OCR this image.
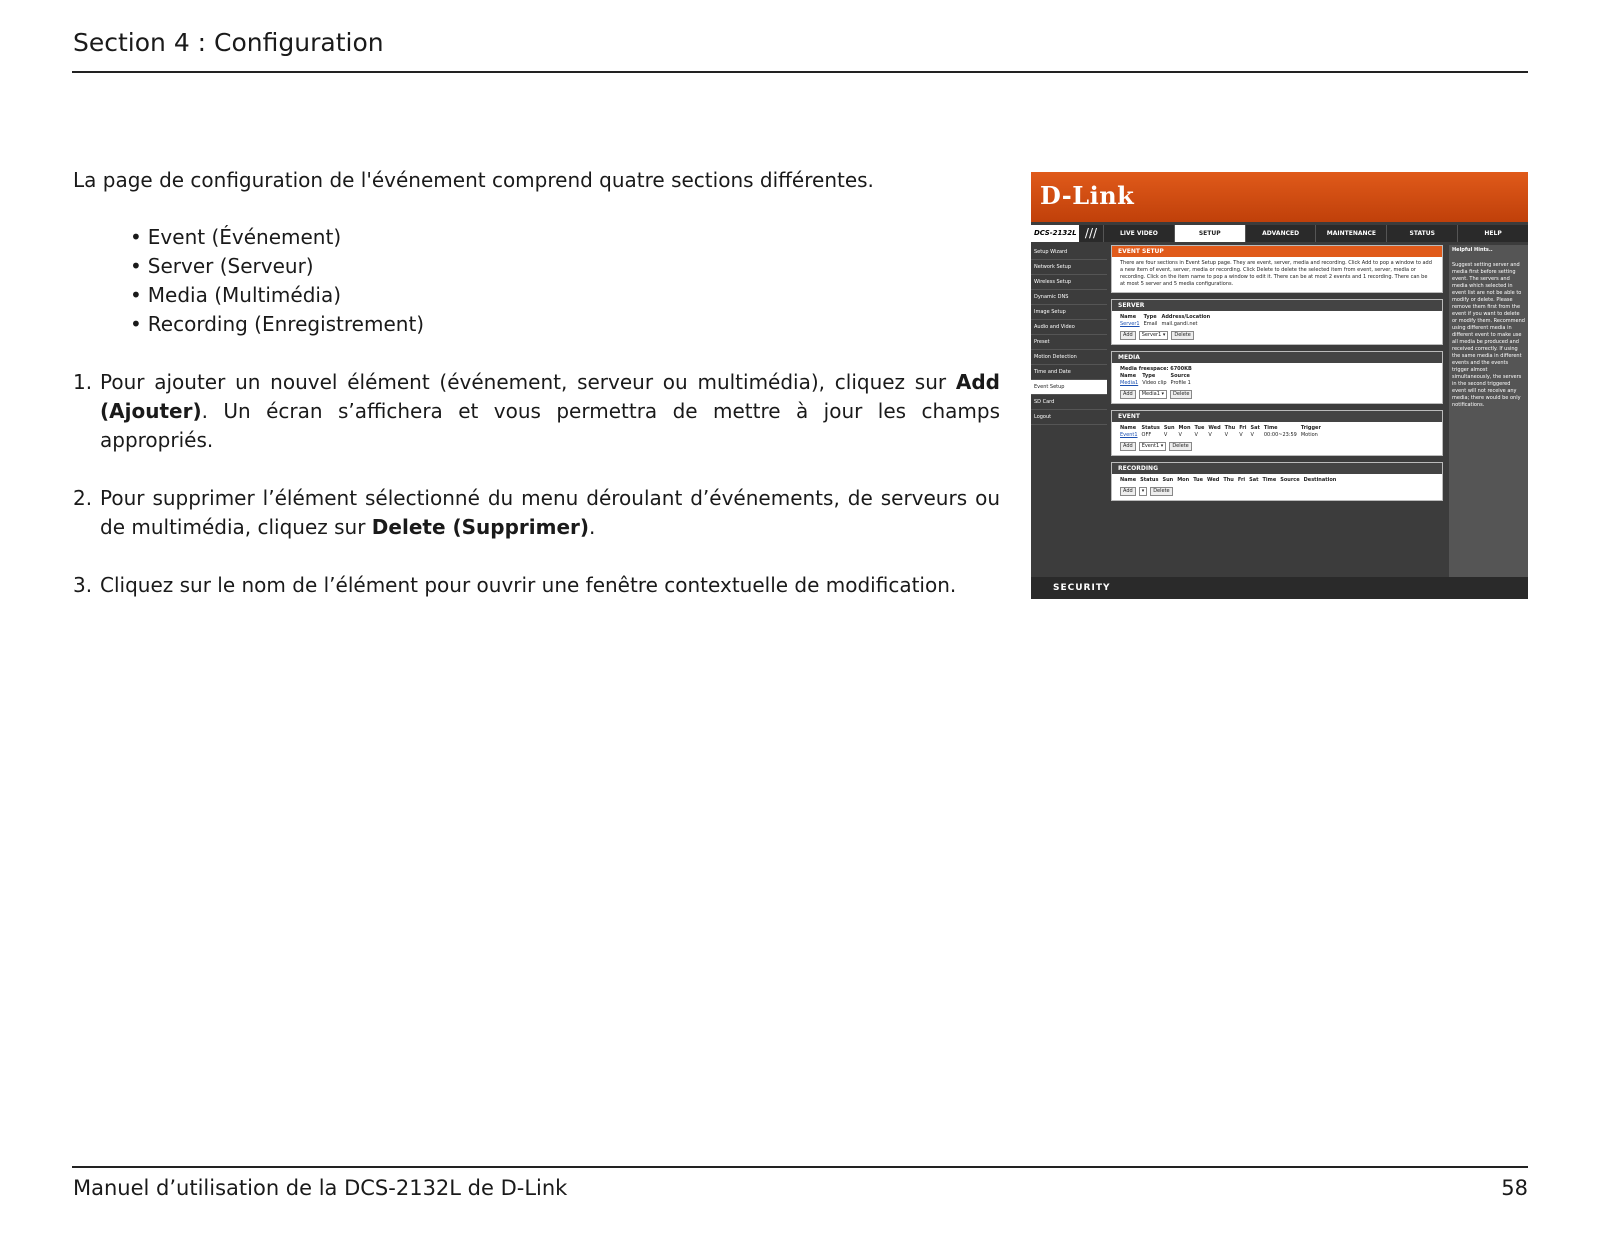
Section 4 : Configuration

La page de configuration de l'événement comprend quatre sections différentes.

• Event (Événement)
• Server (Serveur)
• Media (Multimédia)
• Recording (Enregistrement)
1. Pour ajouter un nouvel élément (événement, serveur ou multimédia), cliquez sur Add (Ajouter). Un écran s’affichera et vous permettra de mettre à jour les champs appropriés.
2. Pour supprimer l’élément sélectionné du menu déroulant d’événements, de serveurs ou de multimédia, cliquez sur Delete (Supprimer).
3. Cliquez sur le nom de l’élément pour ouvrir une fenêtre contextuelle de modification.
D-Link
DCS-2132L ///	LIVE VIDEO	SETUP	ADVANCED	MAINTENANCE	STATUS	HELP
Setup Wizard
Network Setup
Wireless Setup
Dynamic DNS
Image Setup
Audio and Video
Preset
Motion Detection
Time and Date
Event Setup
SD Card
Logout
EVENT SETUP
There are four sections in Event Setup page. They are event, server, media and recording. Click Add to pop a window to add a new item of event, server, media or recording. Click Delete to delete the selected item from event, server, media or recording. Click on the item name to pop a window to edit it. There can be at most 2 events and 1 recording. There can be at most 5 server and 5 media configurations.
SERVER
Name	Type	Address/Location
Server1	Email	mail.gandi.net
Add	Server1 ▾	Delete
MEDIA
Media freespace: 6700KB
Name	Type	Source
Media1	Video clip	Profile 1
Add	Media1 ▾	Delete
EVENT
Name	Status	Sun	Mon	Tue	Wed	Thu	Fri	Sat	Time	Trigger
Event1	OFF	V	V	V	V	V	V	V	00:00~23:59	Motion
Add	Event1 ▾	Delete
RECORDING
Name	Status	Sun	Mon	Tue	Wed	Thu	Fri	Sat	Time	Source	Destination
Add	▾	Delete
Helpful Hints..
Suggest setting server and media first before setting event. The servers and media which selected in event list are not be able to modify or delete. Please remove them first from the event if you want to delete or modify them. Recommend using different media in different event to make use all media be produced and received correctly. If using the same media in different events and the events trigger almost simultaneously, the servers in the second triggered event will not receive any media; there would be only notifications.
SECURITY
Manuel d’utilisation de la DCS-2132L de D-Link	58
